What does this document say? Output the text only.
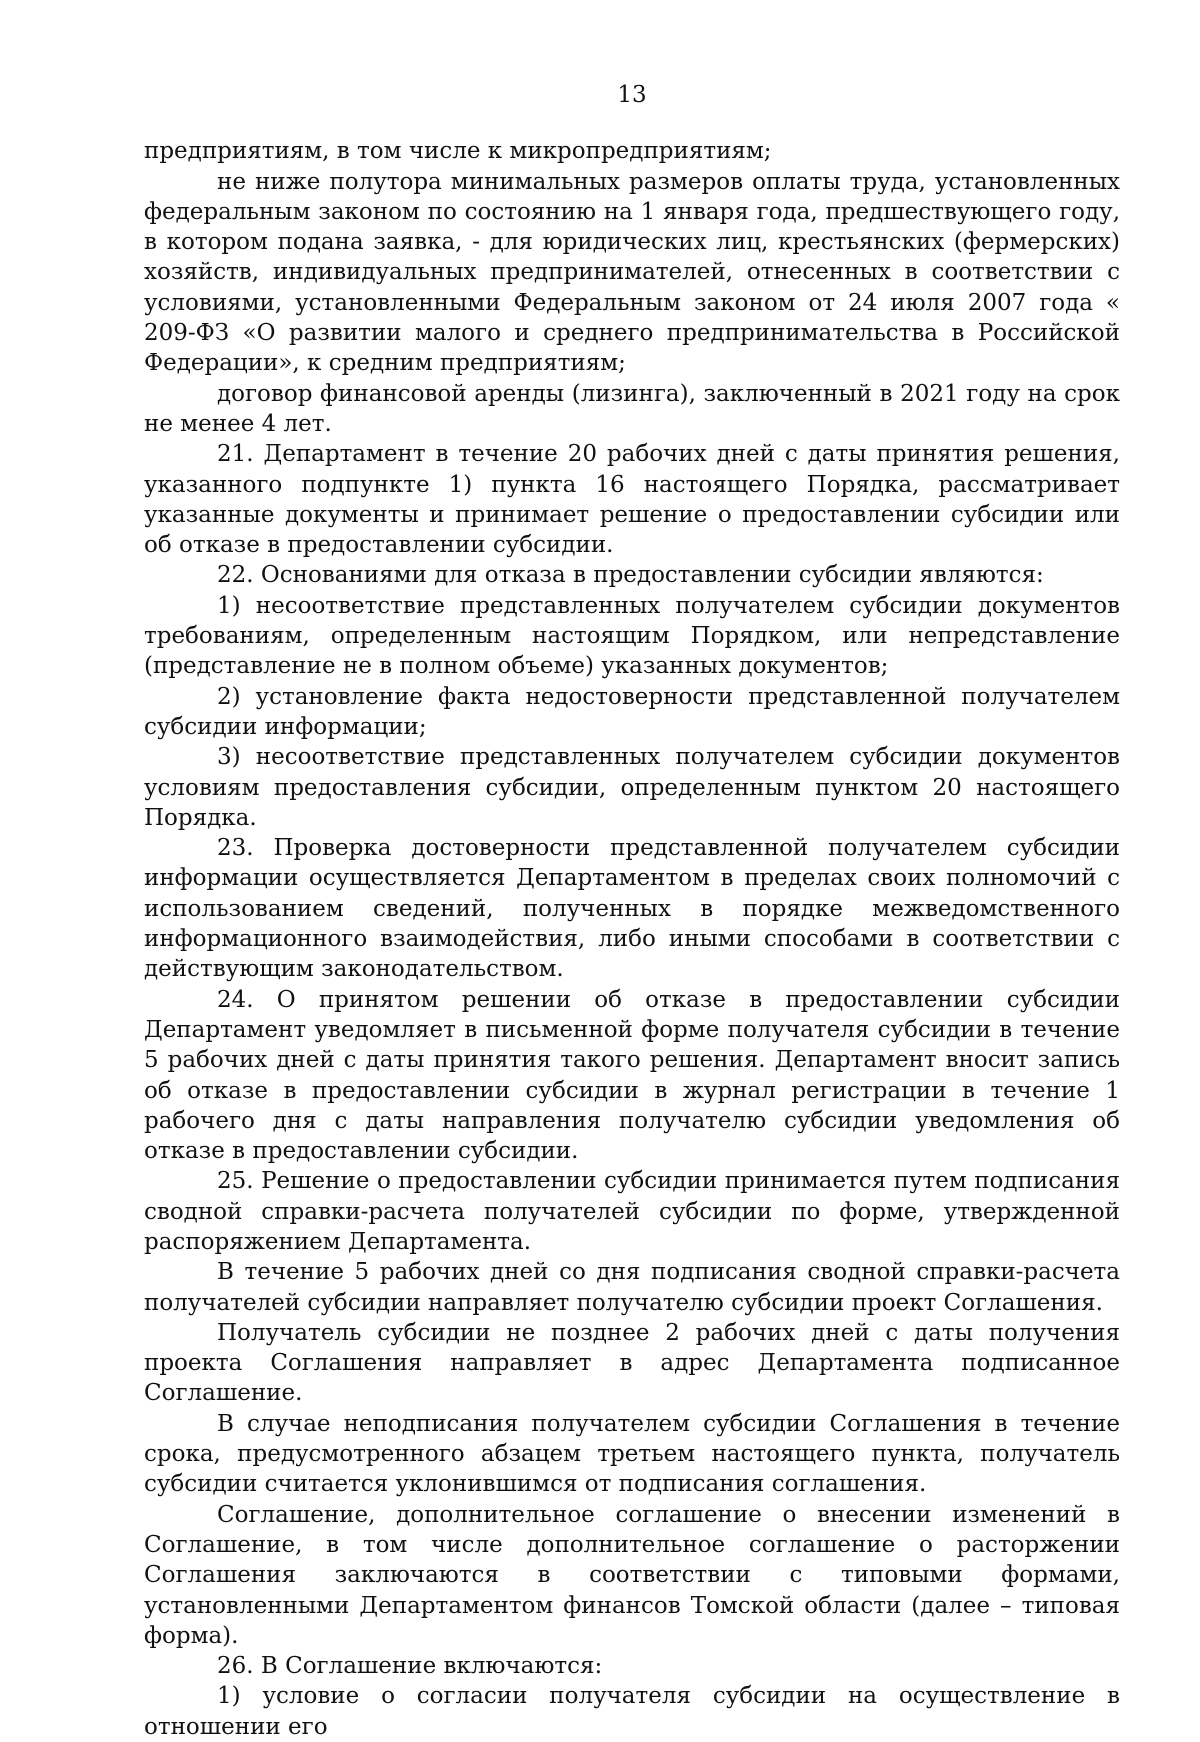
13

предприятиям, в том числе к микропредприятиям;

не ниже полутора минимальных размеров оплаты труда, установленных федеральным законом по состоянию на 1 января года, предшествующего году, в котором подана заявка, - для юридических лиц, крестьянских (фермерских) хозяйств, индивидуальных предпринимателей, отнесенных в соответствии с условиями, установленными Федеральным законом от 24 июля 2007 года « 209-ФЗ «О развитии малого и среднего предпринимательства в Российской Федерации», к средним предприятиям;

договор финансовой аренды (лизинга), заключенный в 2021 году на срок не менее 4 лет.

21. Департамент в течение 20 рабочих дней с даты принятия решения, указанного подпункте 1) пункта 16 настоящего Порядка, рассматривает указанные документы и принимает решение о предоставлении субсидии или об отказе в предоставлении субсидии.

22. Основаниями для отказа в предоставлении субсидии являются:

1) несоответствие представленных получателем субсидии документов требованиям, определенным настоящим Порядком, или непредставление (представление не в полном объеме) указанных документов;

2) установление факта недостоверности представленной получателем субсидии информации;

3) несоответствие представленных получателем субсидии документов условиям предоставления субсидии, определенным пунктом 20 настоящего Порядка.

23. Проверка достоверности представленной получателем субсидии информации осуществляется Департаментом в пределах своих полномочий с использованием сведений, полученных в порядке межведомственного информационного взаимодействия, либо иными способами в соответствии с действующим законодательством.

24. О принятом решении об отказе в предоставлении субсидии Департамент уведомляет в письменной форме получателя субсидии в течение 5 рабочих дней с даты принятия такого решения. Департамент вносит запись об отказе в предоставлении субсидии в журнал регистрации в течение 1 рабочего дня с даты направления получателю субсидии уведомления об отказе в предоставлении субсидии.

25. Решение о предоставлении субсидии принимается путем подписания сводной справки-расчета получателей субсидии по форме, утвержденной распоряжением Департамента.

В течение 5 рабочих дней со дня подписания сводной справки-расчета получателей субсидии направляет получателю субсидии проект Соглашения.

Получатель субсидии не позднее 2 рабочих дней с даты получения проекта Соглашения направляет в адрес Департамента подписанное Соглашение.

В случае неподписания получателем субсидии Соглашения в течение срока, предусмотренного абзацем третьем настоящего пункта, получатель субсидии считается уклонившимся от подписания соглашения.

Соглашение, дополнительное соглашение о внесении изменений в Соглашение, в том числе дополнительное соглашение о расторжении Соглашения заключаются в соответствии с типовыми формами, установленными Департаментом финансов Томской области (далее – типовая форма).

26. В Соглашение включаются:

1) условие о согласии получателя субсидии на осуществление в отношении его
